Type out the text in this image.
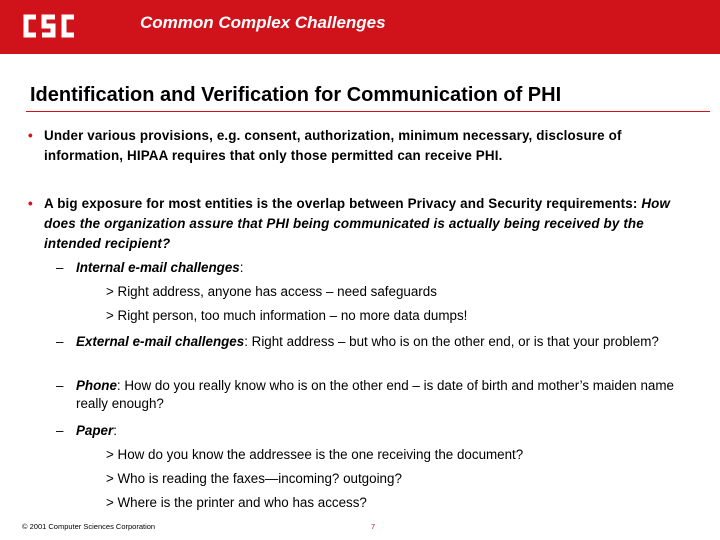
Common Complex Challenges
Identification and Verification for Communication of PHI
• Under various provisions, e.g. consent, authorization, minimum necessary, disclosure of information, HIPAA requires that only those permitted can receive PHI.
• A big exposure for most entities is the overlap between Privacy and Security requirements: How does the organization assure that PHI being communicated is actually being received by the intended recipient?
– Internal e-mail challenges:
> Right address, anyone has access – need safeguards
> Right person, too much information – no more data dumps!
– External e-mail challenges: Right address – but who is on the other end, or is that your problem?
– Phone: How do you really know who is on the other end – is date of birth and mother’s maiden name really enough?
– Paper:
> How do you know the addressee is the one receiving the document?
> Who is reading the faxes—incoming? outgoing?
> Where is the printer and who has access?
© 2001 Computer Sciences Corporation	7
